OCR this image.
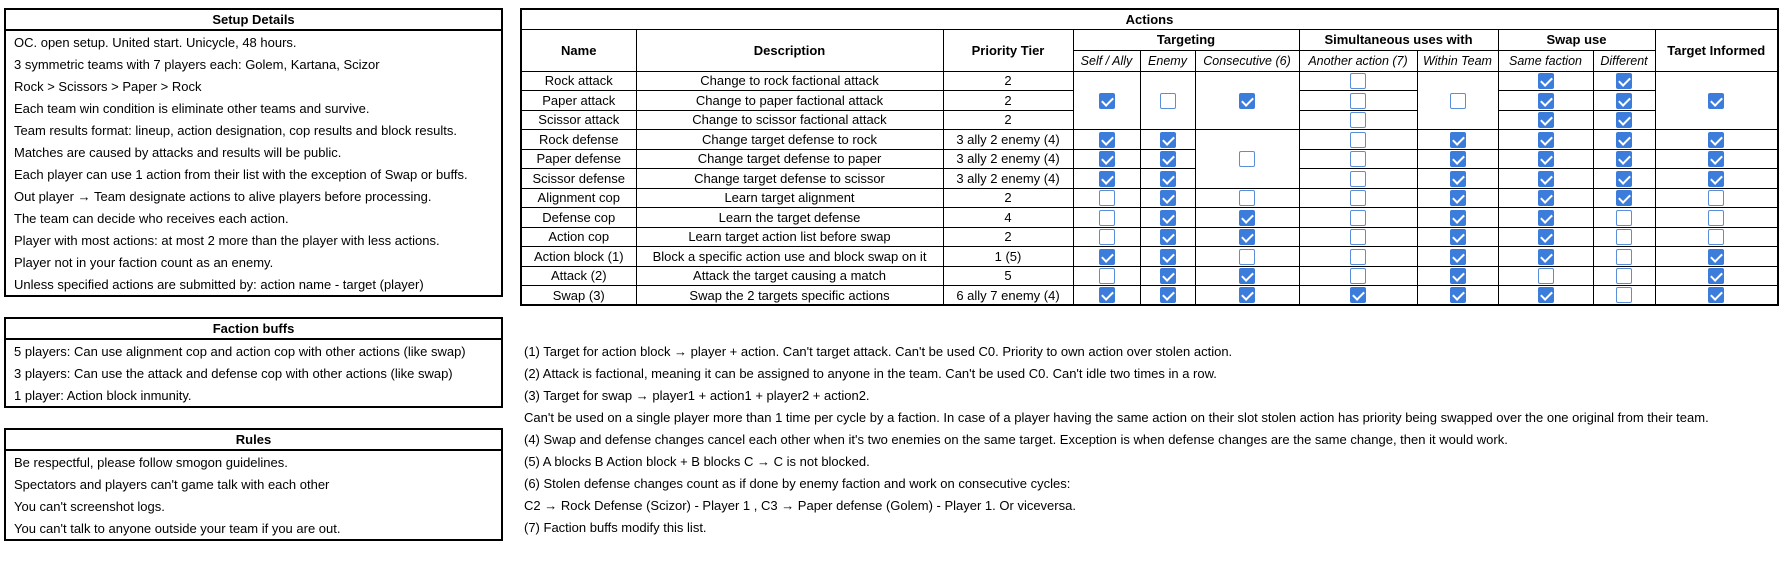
Setup Details
OC. open setup. United start. Unicycle, 48 hours.
3 symmetric teams with 7 players each: Golem, Kartana, Scizor
Rock > Scissors > Paper > Rock
Each team win condition is eliminate other teams and survive.
Team results format: lineup, action designation, cop results and block results.
Matches are caused by attacks and results will be public.
Each player can use 1 action from their list with the exception of Swap or buffs.
Out player → Team designate actions to alive players before processing.
The team can decide who receives each action.
Player with most actions: at most 2 more than the player with less actions.
Player not in your faction count as an enemy.
Unless specified actions are submitted by: action name - target (player)
Faction buffs
5 players: Can use alignment cop and action cop with other actions (like swap)
3 players: Can use the attack and defense cop with other actions (like swap)
1 player: Action block inmunity.
Rules
Be respectful, please follow smogon guidelines.
Spectators and players can't game talk with each other
You can't screenshot logs.
You can't talk to anyone outside your team if you are out.
Actions										
Name	Description	Priority Tier	Targeting			Simultaneous uses with		Swap use		Target Informed
			Self / Ally	Enemy	Consecutive (6)	Another action (7)	Within Team	Same faction	Different	
Rock attack	Change to rock factional attack	2								
Paper attack	Change to paper factional attack	2								
Scissor attack	Change to scissor factional attack	2								
Rock defense	Change target defense to rock	3 ally 2 enemy (4)								
Paper defense	Change target defense to paper	3 ally 2 enemy (4)								
Scissor defense	Change target defense to scissor	3 ally 2 enemy (4)								
Alignment cop	Learn target alignment	2								
Defense cop	Learn the target defense	4								
Action cop	Learn target action list before swap	2								
Action block (1)	Block a specific action use and block swap on it	1 (5)								
Attack (2)	Attack the target causing a match	5								
Swap (3)	Swap the 2 targets specific actions	6 ally 7 enemy (4)								
(1) Target for action block → player + action. Can't target attack. Can't be used C0. Priority to own action over stolen action.
(2) Attack is factional, meaning it can be assigned to anyone in the team. Can't be used C0. Can't idle two times in a row.
(3) Target for swap → player1 + action1 + player2 + action2.
Can't be used on a single player more than 1 time per cycle by a faction. In case of a player having the same action on their slot stolen action has priority being swapped over the one original from their team.
(4) Swap and defense changes cancel each other when it's two enemies on the same target. Exception is when defense changes are the same change, then it would work.
(5) A blocks B Action block + B blocks C → C is not blocked.
(6) Stolen defense changes count as if done by enemy faction and work on consecutive cycles:
C2 → Rock Defense (Scizor) - Player 1 , C3 → Paper defense (Golem) - Player 1. Or viceversa.
(7) Faction buffs modify this list.
